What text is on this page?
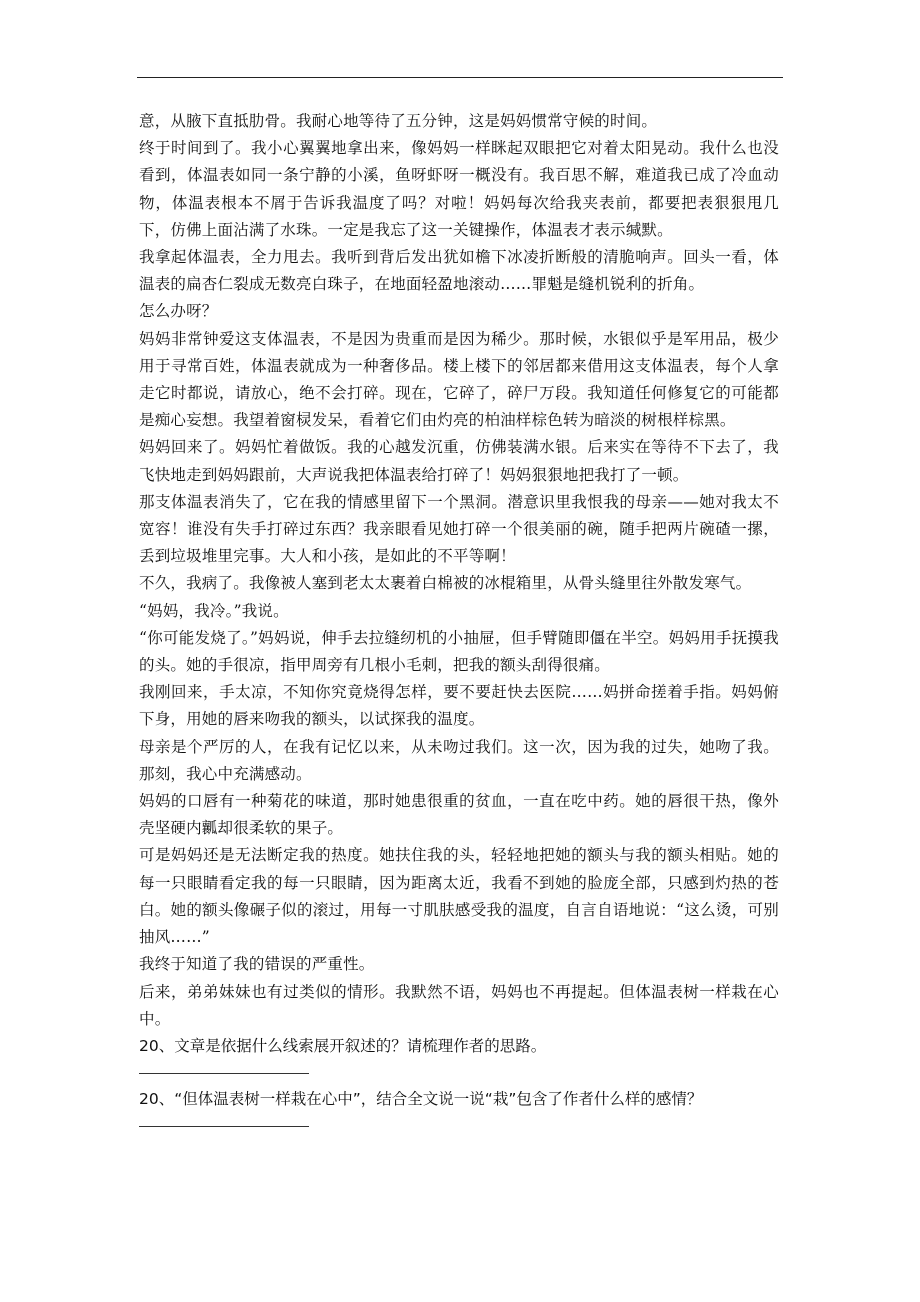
意，从腋下直抵肋骨。我耐心地等待了五分钟，这是妈妈惯常守候的时间。

终于时间到了。我小心翼翼地拿出来，像妈妈一样眯起双眼把它对着太阳晃动。我什么也没看到，体温表如同一条宁静的小溪，鱼呀虾呀一概没有。我百思不解，难道我已成了冷血动物，体温表根本不屑于告诉我温度了吗？对啦！妈妈每次给我夹表前，都要把表狠狠甩几下，仿佛上面沾满了水珠。一定是我忘了这一关键操作，体温表才表示缄默。

我拿起体温表，全力甩去。我听到背后发出犹如檐下冰凌折断般的清脆响声。回头一看，体温表的扁杏仁裂成无数亮白珠子，在地面轻盈地滚动……罪魁是缝机锐利的折角。

怎么办呀？

妈妈非常钟爱这支体温表，不是因为贵重而是因为稀少。那时候，水银似乎是军用品，极少用于寻常百姓，体温表就成为一种奢侈品。楼上楼下的邻居都来借用这支体温表，每个人拿走它时都说，请放心，绝不会打碎。现在，它碎了，碎尸万段。我知道任何修复它的可能都是痴心妄想。我望着窗棂发呆，看着它们由灼亮的柏油样棕色转为暗淡的树根样棕黑。

妈妈回来了。妈妈忙着做饭。我的心越发沉重，仿佛装满水银。后来实在等待不下去了，我飞快地走到妈妈跟前，大声说我把体温表给打碎了！妈妈狠狠地把我打了一顿。

那支体温表消失了，它在我的情感里留下一个黑洞。潜意识里我恨我的母亲——她对我太不宽容！谁没有失手打碎过东西？我亲眼看见她打碎一个很美丽的碗，随手把两片碗碴一摞，丢到垃圾堆里完事。大人和小孩，是如此的不平等啊！

不久，我病了。我像被人塞到老太太裹着白棉被的冰棍箱里，从骨头缝里往外散发寒气。

“妈妈，我冷。”我说。

“你可能发烧了。”妈妈说，伸手去拉缝纫机的小抽屉，但手臂随即僵在半空。妈妈用手抚摸我的头。她的手很凉，指甲周旁有几根小毛刺，把我的额头刮得很痛。

我刚回来，手太凉，不知你究竟烧得怎样，要不要赶快去医院……妈拼命搓着手指。妈妈俯下身，用她的唇来吻我的额头，以试探我的温度。

母亲是个严厉的人，在我有记忆以来，从未吻过我们。这一次，因为我的过失，她吻了我。那刻，我心中充满感动。

妈妈的口唇有一种菊花的味道，那时她患很重的贫血，一直在吃中药。她的唇很干热，像外壳坚硬内瓤却很柔软的果子。

可是妈妈还是无法断定我的热度。她扶住我的头，轻轻地把她的额头与我的额头相贴。她的每一只眼睛看定我的每一只眼睛，因为距离太近，我看不到她的脸庞全部，只感到灼热的苍白。她的额头像碾子似的滚过，用每一寸肌肤感受我的温度，自言自语地说：“这么烫，可别抽风……”

我终于知道了我的错误的严重性。

后来，弟弟妹妹也有过类似的情形。我默然不语，妈妈也不再提起。但体温表树一样栽在心中。

20、文章是依据什么线索展开叙述的？请梳理作者的思路。

20、“但体温表树一样栽在心中”，结合全文说一说“栽”包含了作者什么样的感情？
